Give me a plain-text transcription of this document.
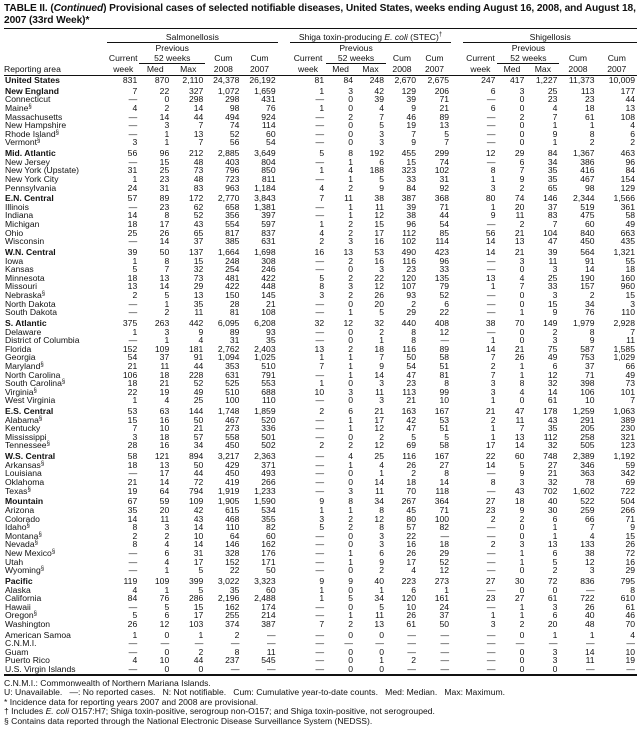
TABLE II. (Continued) Provisional cases of selected notifiable diseases, United States, weeks ending August 16, 2008, and August 18, 2007 (33rd Week)*
	Salmonellosis						Shiga toxin-producing E. coli (STEC)†						Shigellosis				
		Previous						Previous						Previous			
	Current	52 weeks		Cum	Cum		Current	52 weeks		Cum	Cum		Current	52 weeks		Cum	Cum
Reporting area	week	Med	Max	2008	2007		week	Med	Max	2008	2007		week	Med	Max	2008	2007
United States	831	870	2,110	24,378	26,192		81	84	248	2,670	2,675		247	417	1,227	11,373	10,009
New England	7	22	327	1,072	1,659		1	3	42	129	206		6	3	25	113	177
Connecticut	—	0	298	298	431		—	0	39	39	71		—	0	23	23	44
Maine§	4	2	14	98	76		1	0	4	9	21		6	0	4	18	13
Massachusetts	—	14	44	494	924		—	2	7	46	89		—	2	7	61	108
New Hampshire	—	3	7	74	114		—	0	5	19	13		—	0	1	1	4
Rhode Island§	—	1	13	52	60		—	0	3	7	5		—	0	9	8	6
Vermont§	3	1	7	56	54		—	0	3	9	7		—	0	1	2	2
Mid. Atlantic	56	96	212	2,885	3,649		5	8	192	455	299		12	29	84	1,367	463
New Jersey	—	15	48	403	804		—	1	6	15	74		—	6	34	386	96
New York (Upstate)	31	25	73	796	850		1	4	188	323	102		8	7	35	416	84
New York City	1	23	48	723	811		—	1	5	33	31		1	9	35	467	154
Pennsylvania	24	31	83	963	1,184		4	2	9	84	92		3	2	65	98	129
E.N. Central	57	89	172	2,770	3,843		7	11	38	387	368		80	74	146	2,344	1,566
Illinois	—	23	62	658	1,381		—	1	11	39	71		1	20	37	519	361
Indiana	14	8	52	356	397		—	1	12	38	44		9	11	83	475	58
Michigan	18	17	43	554	597		1	2	15	96	54		—	2	7	60	49
Ohio	25	26	65	817	837		4	2	17	112	85		56	21	104	840	663
Wisconsin	—	14	37	385	631		2	3	16	102	114		14	13	47	450	435
W.N. Central	39	50	137	1,664	1,698		16	13	53	490	423		14	21	39	564	1,321
Iowa	1	8	15	248	308		—	2	16	116	96		—	3	11	91	55
Kansas	5	7	32	254	246		—	0	3	23	33		—	0	3	14	18
Minnesota	18	13	73	481	422		5	2	22	120	135		13	4	25	190	160
Missouri	13	14	29	422	448		8	3	12	107	79		1	7	33	157	960
Nebraska§	2	5	13	150	145		3	2	26	93	52		—	0	3	2	15
North Dakota	—	1	35	28	21		—	0	20	2	6		—	0	15	34	3
South Dakota	—	2	11	81	108		—	1	5	29	22		—	1	9	76	110
S. Atlantic	375	263	442	6,095	6,208		32	12	32	440	408		38	70	149	1,979	2,928
Delaware	1	3	9	89	93		—	0	2	8	12		—	0	2	8	7
District of Columbia	—	1	4	31	35		—	0	1	8	—		1	0	3	9	11
Florida	152	109	181	2,762	2,403		13	2	18	116	89		14	21	75	587	1,585
Georgia	54	37	91	1,094	1,025		1	1	7	50	58		7	26	49	753	1,029
Maryland§	21	11	44	353	510		7	1	9	54	51		2	1	6	37	66
North Carolina	106	18	228	631	791		—	1	14	47	81		7	1	12	71	49
South Carolina§	18	21	52	525	553		1	0	3	23	8		3	8	32	398	73
Virginia§	22	19	49	510	688		10	3	11	113	99		3	4	14	106	101
West Virginia	1	4	25	100	110		—	0	3	21	10		1	0	61	10	7
E.S. Central	53	63	144	1,748	1,859		2	6	21	163	167		21	47	178	1,259	1,063
Alabama§	15	16	50	467	520		—	1	17	42	53		2	11	43	291	389
Kentucky	7	10	21	273	336		—	1	12	47	51		1	7	35	205	230
Mississippi	3	18	57	558	501		—	0	2	5	5		1	13	112	258	321
Tennessee§	28	16	34	450	502		2	2	12	69	58		17	14	32	505	123
W.S. Central	58	121	894	3,217	2,363		—	4	25	116	167		22	60	748	2,389	1,192
Arkansas§	18	13	50	429	371		—	1	4	26	27		14	5	27	346	59
Louisiana	—	17	44	450	493		—	0	1	2	8		—	9	21	363	342
Oklahoma	21	14	72	419	266		—	0	14	18	14		8	3	32	78	69
Texas§	19	64	794	1,919	1,233		—	3	11	70	118		—	43	702	1,602	722
Mountain	67	59	109	1,905	1,590		9	8	34	267	364		27	18	40	522	504
Arizona	35	20	42	615	534		1	1	8	45	71		23	9	30	259	266
Colorado	14	11	43	468	355		3	2	12	80	100		2	2	6	66	71
Idaho§	8	3	14	110	82		5	2	8	57	82		—	0	1	7	9
Montana§	2	2	10	64	60		—	0	3	22	—		—	0	1	4	15
Nevada§	8	4	14	146	162		—	0	3	16	18		2	3	13	133	26
New Mexico§	—	6	31	328	176		—	1	6	26	29		—	1	6	38	72
Utah	—	4	17	152	171		—	1	9	17	52		—	1	5	12	16
Wyoming§	—	1	5	22	50		—	0	2	4	12		—	0	2	3	29
Pacific	119	109	399	3,022	3,323		9	9	40	223	273		27	30	72	836	795
Alaska	4	1	5	35	60		1	0	1	6	1		—	0	0	—	8
California	84	76	286	2,196	2,488		1	5	34	120	161		23	27	61	722	610
Hawaii	—	5	15	162	174		—	0	5	10	24		—	1	3	26	61
Oregon§	5	6	17	255	214		—	1	11	26	37		1	1	6	40	46
Washington	26	12	103	374	387		7	2	13	61	50		3	2	20	48	70
American Samoa	1	0	1	2	—		—	0	0	—	—		—	0	1	1	4
C.N.M.I.	—	—	—	—	—		—	—	—	—	—		—	—	—	—	—
Guam	—	0	2	8	11		—	0	0	—	—		—	0	3	14	10
Puerto Rico	4	10	44	237	545		—	0	1	2	—		—	0	3	11	19
U.S. Virgin Islands	—	0	0	—	—		—	0	0	—	—		—	0	0	—	—
C.N.M.I.: Commonwealth of Northern Mariana Islands.
U: Unavailable.   —: No reported cases.   N: Not notifiable.   Cum: Cumulative year-to-date counts.   Med: Median.   Max: Maximum.
* Incidence data for reporting years 2007 and 2008 are provisional.
† Includes E. coli O157:H7; Shiga toxin-positive, serogroup non-O157; and Shiga toxin-positive, not serogrouped.
§ Contains data reported through the National Electronic Disease Surveillance System (NEDSS).
